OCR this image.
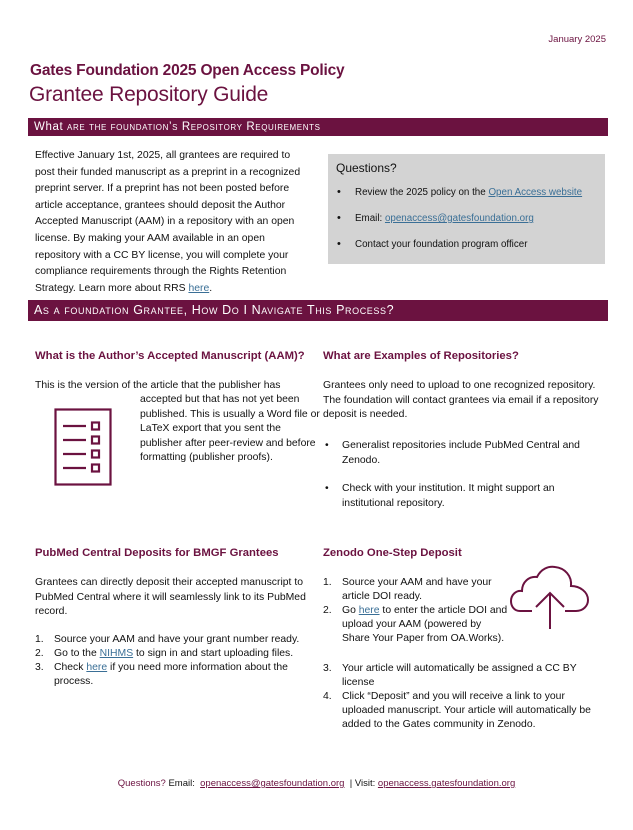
January 2025
Gates Foundation 2025 Open Access Policy
Grantee Repository Guide
What are the foundation’s Repository Requirements
Effective January 1st, 2025, all grantees are required to post their funded manuscript as a preprint in a recognized preprint server. If a preprint has not been posted before article acceptance, grantees should deposit the Author Accepted Manuscript (AAM) in a repository with an open license. By making your AAM available in an open repository with a CC BY license, you will complete your compliance requirements through the Rights Retention Strategy. Learn more about RRS here.
Questions?
• Review the 2025 policy on the Open Access website
• Email: openaccess@gatesfoundation.org
• Contact your foundation program officer
As a foundation Grantee, How Do I Navigate This Process?
What is the Author’s Accepted Manuscript (AAM)?
This is the version of the article that the publisher has
accepted but that has not yet been published. This is usually a Word file or LaTeX export that you sent the publisher after peer-review and before formatting (publisher proofs).
What are Examples of Repositories?
Grantees only need to upload to one recognized repository. The foundation will contact grantees via email if a repository deposit is needed.
• Generalist repositories include PubMed Central and Zenodo.
• Check with your institution. It might support an institutional repository.
PubMed Central Deposits for BMGF Grantees
Grantees can directly deposit their accepted manuscript to PubMed Central where it will seamlessly link to its PubMed record.
1. Source your AAM and have your grant number ready.
2. Go to the NIHMS to sign in and start uploading files.
3. Check here if you need more information about the process.
Zenodo One-Step Deposit
1. Source your AAM and have your article DOI ready.
2. Go here to enter the article DOI and upload your AAM (powered by Share Your Paper from OA.Works).
3. Your article will automatically be assigned a CC BY license
4. Click “Deposit” and you will receive a link to your uploaded manuscript. Your article will automatically be added to the Gates community in Zenodo.
Questions? Email:  openaccess@gatesfoundation.org  | Visit: openaccess.gatesfoundation.org
